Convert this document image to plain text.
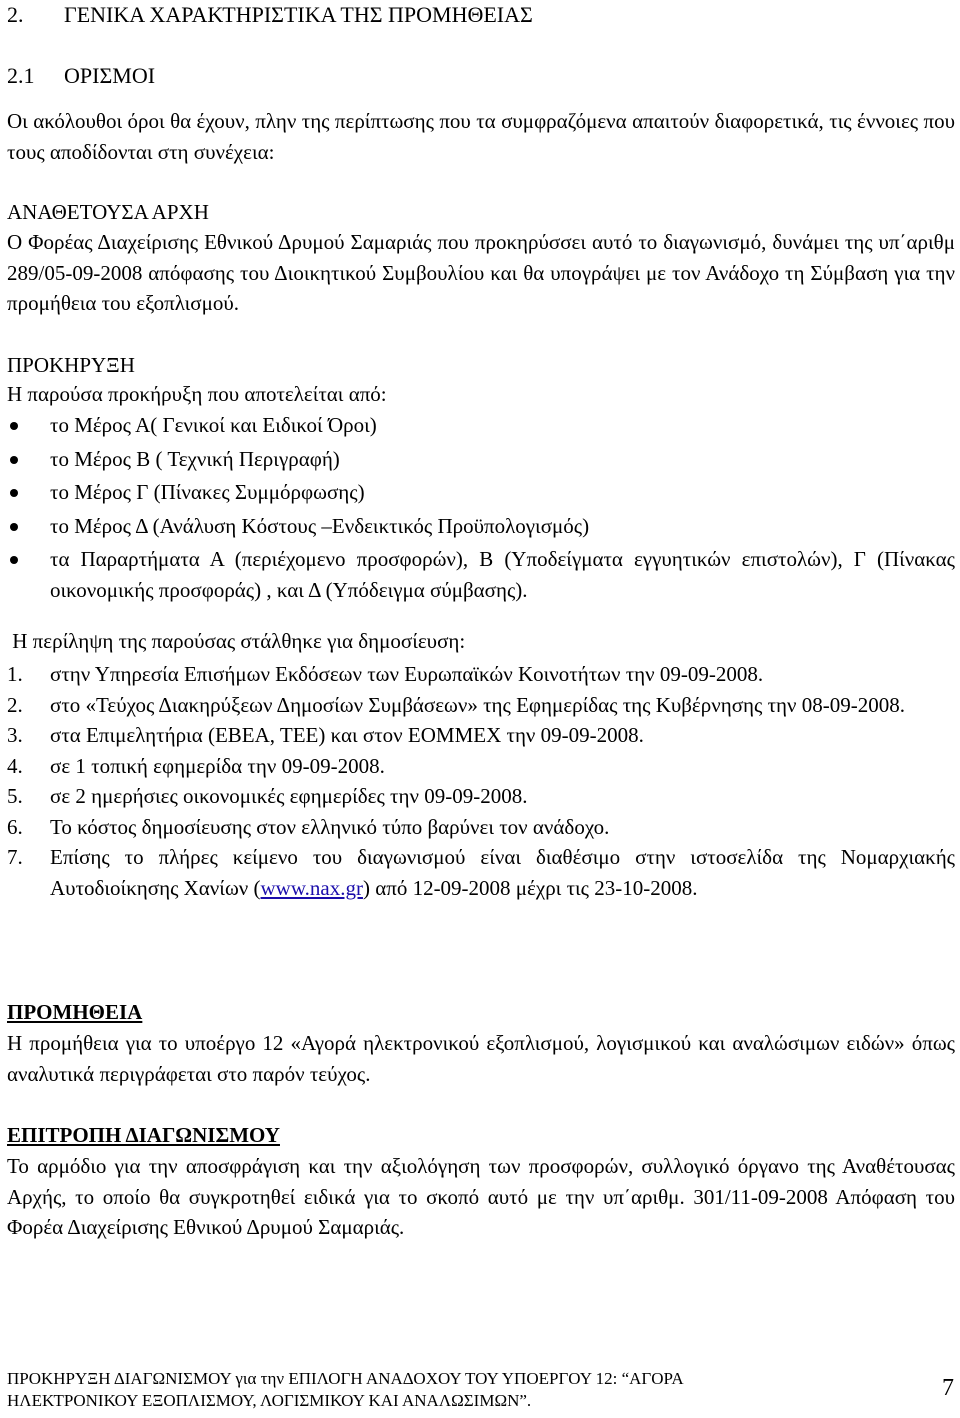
2. ΓΕΝΙΚΑ ΧΑΡΑΚΤΗΡΙΣΤΙΚΑ ΤΗΣ ΠΡΟΜΗΘΕΙΑΣ
2.1 ΟΡΙΣΜΟΙ

Οι ακόλουθοι όροι θα έχουν, πλην της περίπτωσης που τα συμφραζόμενα απαιτούν διαφορετικά, τις έννοιες που τους αποδίδονται στη συνέχεια:

ΑΝΑΘΕΤΟΥΣΑ ΑΡΧΗ

Ο Φορέας Διαχείρισης Εθνικού Δρυμού Σαμαριάς που προκηρύσσει αυτό το διαγωνισμό, δυνάμει της υπ΄αριθμ 289/05-09-2008 απόφασης του Διοικητικού Συμβουλίου και θα υπογράψει με τον Ανάδοχο τη Σύμβαση για την προμήθεια του εξοπλισμού.

ΠΡΟΚΗΡΥΞΗ

Η παρούσα προκήρυξη που αποτελείται από:

το Μέρος Α( Γενικοί και Ειδικοί Όροι)
το Μέρος Β ( Τεχνική Περιγραφή)
το Μέρος Γ (Πίνακες Συμμόρφωσης)
το Μέρος Δ (Ανάλυση Κόστους –Ενδεικτικός Προϋπολογισμός)
τα Παραρτήματα Α (περιέχομενο προσφορών), Β (Υποδείγματα εγγυητικών επιστολών), Γ (Πίνακας οικονομικής προσφοράς) , και Δ (Υπόδειγμα σύμβασης).

Η περίληψη της παρούσας στάλθηκε για δημοσίευση:

1. στην Υπηρεσία Επισήμων Εκδόσεων των Ευρωπαϊκών Κοινοτήτων την 09-09-2008.
2. στο «Τεύχος Διακηρύξεων Δημοσίων Συμβάσεων» της Εφημερίδας της Κυβέρνησης την 08-09-2008.
3. στα Επιμελητήρια (ΕΒΕΑ, ΤΕΕ) και στον ΕΟΜΜΕΧ την 09-09-2008.
4. σε 1 τοπική εφημερίδα την 09-09-2008.
5. σε 2 ημερήσιες οικονομικές εφημερίδες την 09-09-2008.
6. Το κόστος δημοσίευσης στον ελληνικό τύπο βαρύνει τον ανάδοχο.
7. Επίσης το πλήρες κείμενο του διαγωνισμού είναι διαθέσιμο στην ιστοσελίδα της Νομαρχιακής Αυτοδιοίκησης Χανίων (www.nax.gr) από 12-09-2008 μέχρι τις 23-10-2008.

ΠΡΟΜΗΘΕΙΑ

Η προμήθεια για το υποέργο 12 «Αγορά ηλεκτρονικού εξοπλισμού, λογισμικού και αναλώσιμων ειδών» όπως αναλυτικά περιγράφεται στο παρόν τεύχος.

ΕΠΙΤΡΟΠΗ ΔΙΑΓΩΝΙΣΜΟΥ

Το αρμόδιο για την αποσφράγιση και την αξιολόγηση των προσφορών, συλλογικό όργανο της Αναθέτουσας Αρχής, το οποίο θα συγκροτηθεί ειδικά για το σκοπό αυτό με την υπ΄αριθμ. 301/11-09-2008 Απόφαση του Φορέα Διαχείρισης Εθνικού Δρυμού Σαμαριάς.

ΠΡΟΚΗΡΥΞΗ ΔΙΑΓΩΝΙΣΜΟΥ για την ΕΠΙΛΟΓΗ ΑΝΑΔΟΧΟΥ ΤΟΥ ΥΠΟΕΡΓΟΥ 12: “ΑΓΟΡΑ
ΗΛΕΚΤΡΟΝΙΚΟΥ ΕΞΟΠΛΙΣΜΟΥ, ΛΟΓΙΣΜΙΚΟΥ ΚΑΙ ΑΝΑΛΩΣΙΜΩΝ”.	7
